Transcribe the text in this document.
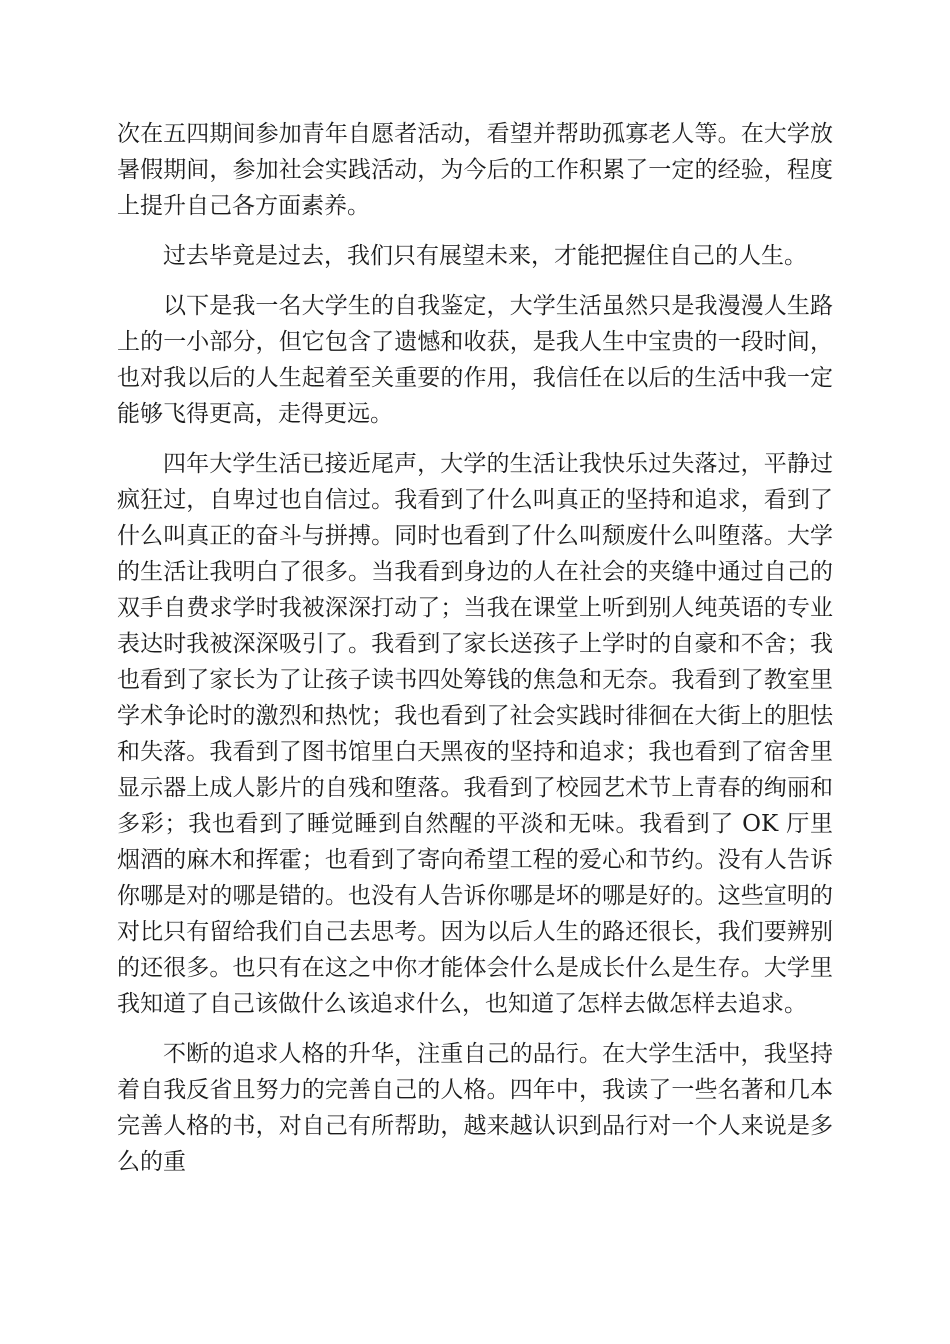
次在五四期间参加青年自愿者活动，看望并帮助孤寡老人等。在大学放暑假期间，参加社会实践活动，为今后的工作积累了一定的经验，程度上提升自己各方面素养。

过去毕竟是过去，我们只有展望未来，才能把握住自己的人生。

以下是我一名大学生的自我鉴定，大学生活虽然只是我漫漫人生路上的一小部分，但它包含了遗憾和收获，是我人生中宝贵的一段时间，也对我以后的人生起着至关重要的作用，我信任在以后的生活中我一定能够飞得更高，走得更远。

四年大学生活已接近尾声，大学的生活让我快乐过失落过，平静过疯狂过，自卑过也自信过。我看到了什么叫真正的坚持和追求，看到了什么叫真正的奋斗与拼搏。同时也看到了什么叫颓废什么叫堕落。大学的生活让我明白了很多。当我看到身边的人在社会的夹缝中通过自己的双手自费求学时我被深深打动了；当我在课堂上听到别人纯英语的专业表达时我被深深吸引了。我看到了家长送孩子上学时的自豪和不舍；我也看到了家长为了让孩子读书四处筹钱的焦急和无奈。我看到了教室里学术争论时的激烈和热忱；我也看到了社会实践时徘徊在大街上的胆怯和失落。我看到了图书馆里白天黑夜的坚持和追求；我也看到了宿舍里显示器上成人影片的自残和堕落。我看到了校园艺术节上青春的绚丽和多彩；我也看到了睡觉睡到自然醒的平淡和无味。我看到了 OK 厅里烟酒的麻木和挥霍；也看到了寄向希望工程的爱心和节约。没有人告诉你哪是对的哪是错的。也没有人告诉你哪是坏的哪是好的。这些宣明的对比只有留给我们自己去思考。因为以后人生的路还很长，我们要辨别的还很多。也只有在这之中你才能体会什么是成长什么是生存。大学里我知道了自己该做什么该追求什么，也知道了怎样去做怎样去追求。

不断的追求人格的升华，注重自己的品行。在大学生活中，我坚持着自我反省且努力的完善自己的人格。四年中，我读了一些名著和几本完善人格的书，对自己有所帮助，越来越认识到品行对一个人来说是多么的重
